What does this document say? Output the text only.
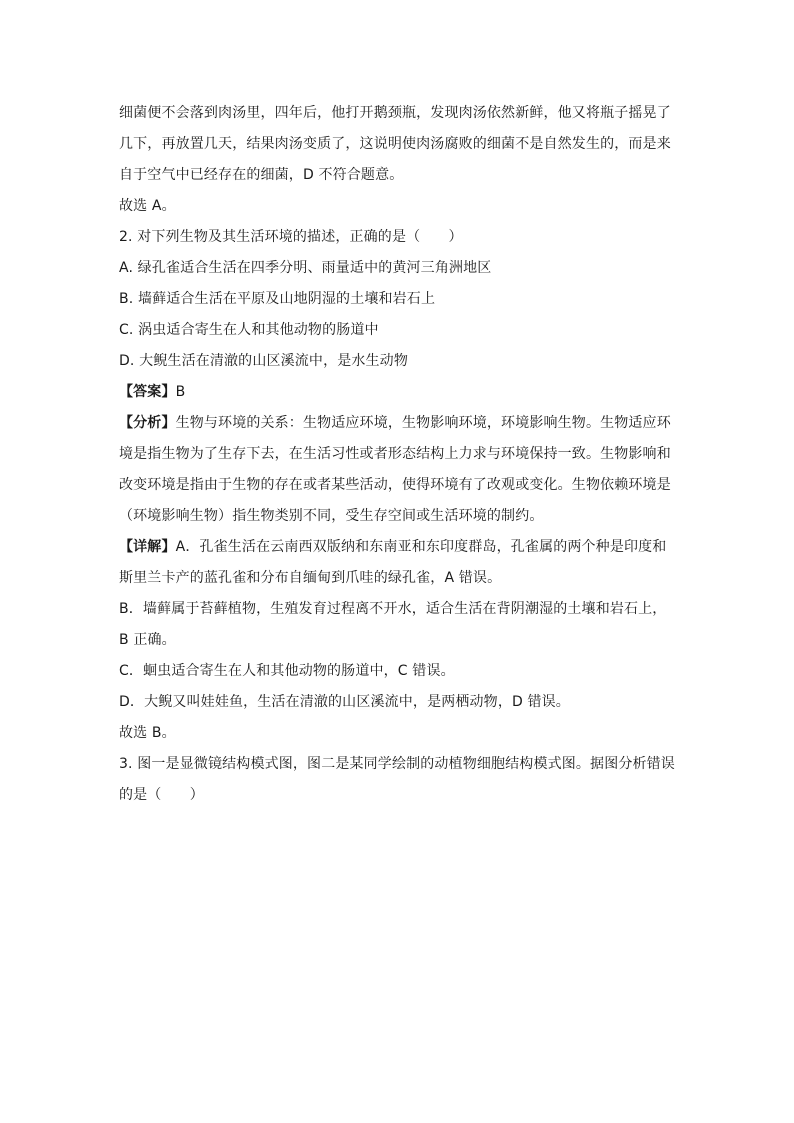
细菌便不会落到肉汤里，四年后，他打开鹅颈瓶，发现肉汤依然新鲜，他又将瓶子摇晃了
几下，再放置几天，结果肉汤变质了，这说明使肉汤腐败的细菌不是自然发生的，而是来
自于空气中已经存在的细菌，D 不符合题意。
故选 A。
2. 对下列生物及其生活环境的描述，正确的是（　　）
A. 绿孔雀适合生活在四季分明、雨量适中的黄河三角洲地区
B. 墙藓适合生活在平原及山地阴湿的土壤和岩石上
C. 涡虫适合寄生在人和其他动物的肠道中
D. 大鲵生活在清澈的山区溪流中，是水生动物
【答案】B
【分析】生物与环境的关系：生物适应环境，生物影响环境，环境影响生物。生物适应环
境是指生物为了生存下去，在生活习性或者形态结构上力求与环境保持一致。生物影响和
改变环境是指由于生物的存在或者某些活动，使得环境有了改观或变化。生物依赖环境是
（环境影响生物）指生物类别不同，受生存空间或生活环境的制约。
【详解】A．孔雀生活在云南西双版纳和东南亚和东印度群岛，孔雀属的两个种是印度和
斯里兰卡产的蓝孔雀和分布自缅甸到爪哇的绿孔雀，A 错误。
B．墙藓属于苔藓植物，生殖发育过程离不开水，适合生活在背阴潮湿的土壤和岩石上，
B 正确。
C．蛔虫适合寄生在人和其他动物的肠道中，C 错误。
D．大鲵又叫娃娃鱼，生活在清澈的山区溪流中，是两栖动物，D 错误。
故选 B。
3. 图一是显微镜结构模式图，图二是某同学绘制的动植物细胞结构模式图。据图分析错误
的是（　　）
